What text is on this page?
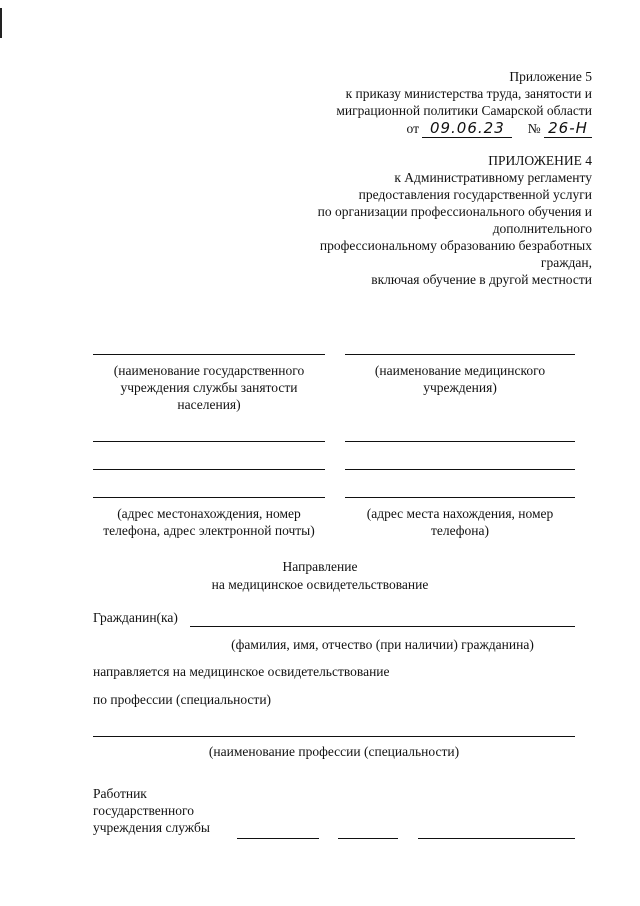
Приложение 5
к приказу министерства труда, занятости и
миграционной политики Самарской области
от 09.06.23 № 26-Н
ПРИЛОЖЕНИЕ 4
к Административному регламенту
предоставления государственной услуги
по организации профессионального обучения и
дополнительного
профессиональному образованию безработных
граждан,
включая обучение в другой местности
(наименование государственного
учреждения службы занятости
населения)
(наименование медицинского
учреждения)
(адрес местонахождения, номер
телефона, адрес электронной почты)
(адрес места нахождения, номер
телефона)
Направление
на медицинское освидетельствование
Гражданин(ка)
(фамилия, имя, отчество (при наличии) гражданина)
направляется на медицинское освидетельствование
по профессии (специальности)
(наименование профессии (специальности)
Работник
государственного
учреждения службы
